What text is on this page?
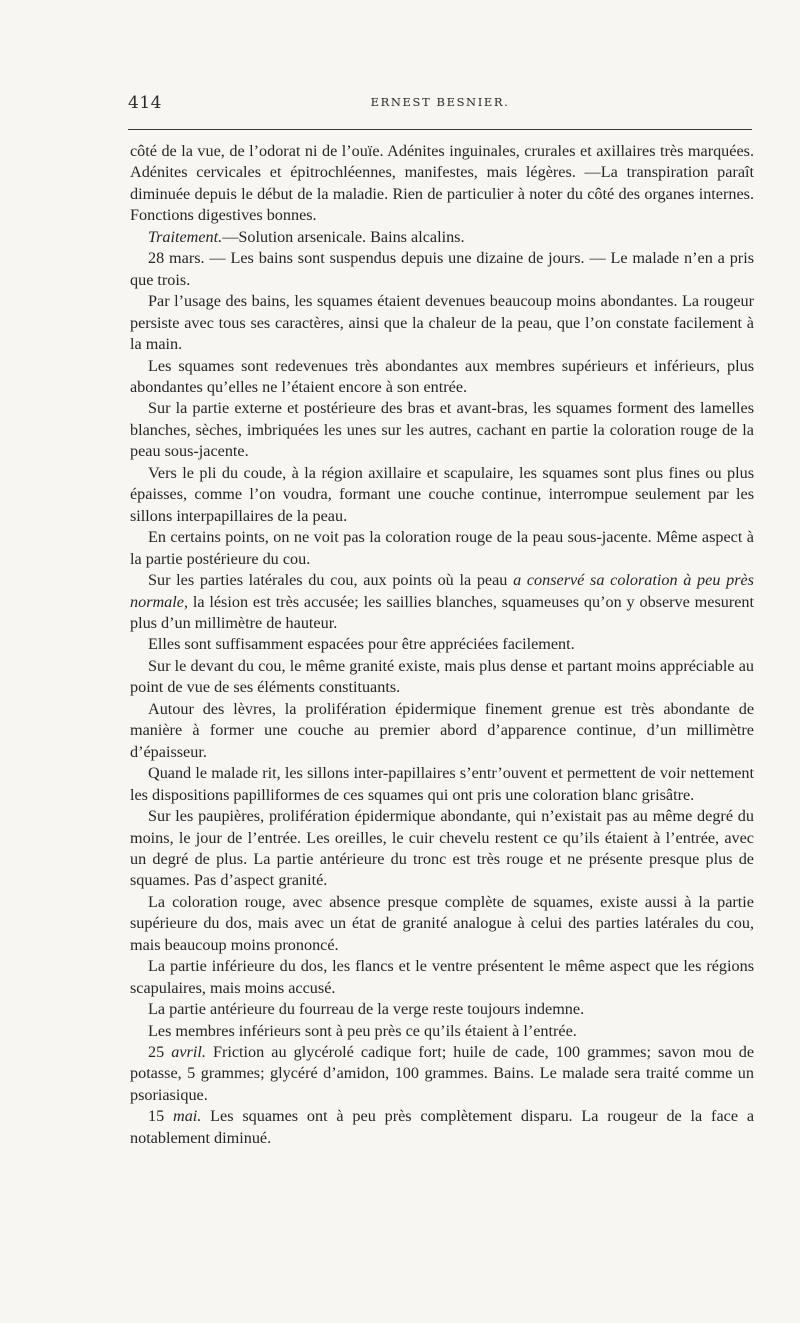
414	ERNEST BESNIER.

côté de la vue, de l’odorat ni de l’ouïe. Adénites inguinales, crurales et axillaires très marquées. Adénites cervicales et épitrochléennes, manifestes, mais légères. —La transpiration paraît diminuée depuis le début de la maladie. Rien de particulier à noter du côté des organes internes. Fonctions digestives bonnes.

Traitement.—Solution arsenicale. Bains alcalins.

28 mars. — Les bains sont suspendus depuis une dizaine de jours. — Le malade n’en a pris que trois.

Par l’usage des bains, les squames étaient devenues beaucoup moins abondantes. La rougeur persiste avec tous ses caractères, ainsi que la chaleur de la peau, que l’on constate facilement à la main.

Les squames sont redevenues très abondantes aux membres supérieurs et inférieurs, plus abondantes qu’elles ne l’étaient encore à son entrée.

Sur la partie externe et postérieure des bras et avant-bras, les squames forment des lamelles blanches, sèches, imbriquées les unes sur les autres, cachant en partie la coloration rouge de la peau sous-jacente.

Vers le pli du coude, à la région axillaire et scapulaire, les squames sont plus fines ou plus épaisses, comme l’on voudra, formant une couche continue, interrompue seulement par les sillons interpapillaires de la peau.

En certains points, on ne voit pas la coloration rouge de la peau sous-jacente. Même aspect à la partie postérieure du cou.

Sur les parties latérales du cou, aux points où la peau a conservé sa coloration à peu près normale, la lésion est très accusée; les saillies blanches, squameuses qu’on y observe mesurent plus d’un millimètre de hauteur.

Elles sont suffisamment espacées pour être appréciées facilement.

Sur le devant du cou, le même granité existe, mais plus dense et partant moins appréciable au point de vue de ses éléments constituants.

Autour des lèvres, la prolifération épidermique finement grenue est très abondante de manière à former une couche au premier abord d’apparence continue, d’un millimètre d’épaisseur.

Quand le malade rit, les sillons inter-papillaires s’entr’ouvent et permettent de voir nettement les dispositions papilliformes de ces squames qui ont pris une coloration blanc grisâtre.

Sur les paupières, prolifération épidermique abondante, qui n’existait pas au même degré du moins, le jour de l’entrée. Les oreilles, le cuir chevelu restent ce qu’ils étaient à l’entrée, avec un degré de plus. La partie antérieure du tronc est très rouge et ne présente presque plus de squames. Pas d’aspect granité.

La coloration rouge, avec absence presque complète de squames, existe aussi à la partie supérieure du dos, mais avec un état de granité analogue à celui des parties latérales du cou, mais beaucoup moins prononcé.

La partie inférieure du dos, les flancs et le ventre présentent le même aspect que les régions scapulaires, mais moins accusé.

La partie antérieure du fourreau de la verge reste toujours indemne.

Les membres inférieurs sont à peu près ce qu’ils étaient à l’entrée.

25 avril. Friction au glycérolé cadique fort; huile de cade, 100 grammes; savon mou de potasse, 5 grammes; glycéré d’amidon, 100 grammes. Bains. Le malade sera traité comme un psoriasique.

15 mai. Les squames ont à peu près complètement disparu. La rougeur de la face a notablement diminué.
